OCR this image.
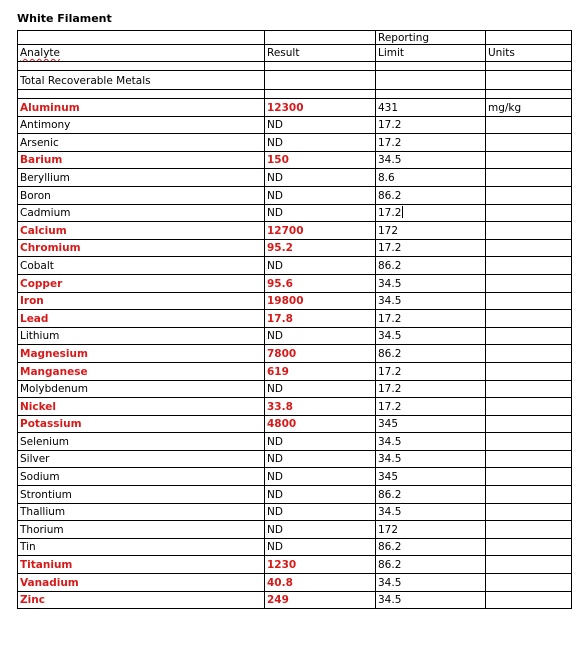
White Filament
		Reporting	
Analyte	Result	Limit	Units

Total Recoverable Metals			

Aluminum	12300	431	mg/kg
Antimony	ND	17.2	
Arsenic	ND	17.2	
Barium	150	34.5	
Beryllium	ND	8.6	
Boron	ND	86.2	
Cadmium	ND	17.2	
Calcium	12700	172	
Chromium	95.2	17.2	
Cobalt	ND	86.2	
Copper	95.6	34.5	
Iron	19800	34.5	
Lead	17.8	17.2	
Lithium	ND	34.5	
Magnesium	7800	86.2	
Manganese	619	17.2	
Molybdenum	ND	17.2	
Nickel	33.8	17.2	
Potassium	4800	345	
Selenium	ND	34.5	
Silver	ND	34.5	
Sodium	ND	345	
Strontium	ND	86.2	
Thallium	ND	34.5	
Thorium	ND	172	
Tin	ND	86.2	
Titanium	1230	86.2	
Vanadium	40.8	34.5	
Zinc	249	34.5	
